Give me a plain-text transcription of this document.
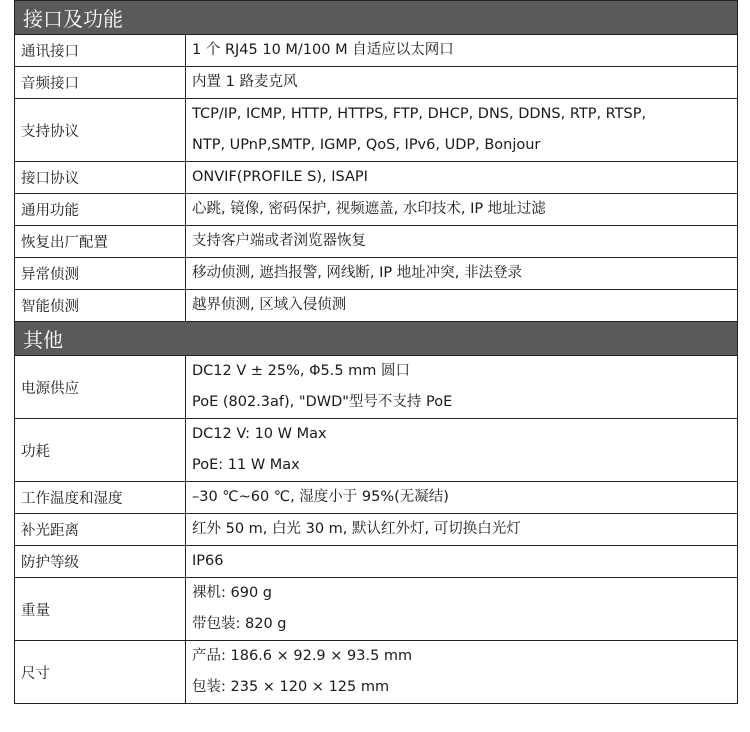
接口及功能	
通讯接口	1 个 RJ45 10 M/100 M 自适应以太网口

音频接口	内置 1 路麦克风

支持协议	TCP/IP, ICMP, HTTP, HTTPS, FTP, DHCP, DNS, DDNS, RTP, RTSP,
NTP, UPnP,SMTP, IGMP, QoS, IPv6, UDP, Bonjour

接口协议	ONVIF(PROFILE S), ISAPI

通用功能	心跳, 镜像, 密码保护, 视频遮盖, 水印技术, IP 地址过滤

恢复出厂配置	支持客户端或者浏览器恢复

异常侦测	移动侦测, 遮挡报警, 网线断, IP 地址冲突, 非法登录

智能侦测	越界侦测, 区域入侵侦测

其他	
电源供应	DC12 V ± 25%, Φ5.5 mm 圆口
PoE (802.3af), "DWD"型号不支持 PoE

功耗	DC12 V: 10 W Max
PoE: 11 W Max

工作温度和湿度	–30 ℃~60 ℃, 湿度小于 95%(无凝结)

补光距离	红外 50 m, 白光 30 m, 默认红外灯, 可切换白光灯

防护等级	IP66

重量	裸机: 690 g
带包装: 820 g

尺寸	产品: 186.6 × 92.9 × 93.5 mm
包装: 235 × 120 × 125 mm
